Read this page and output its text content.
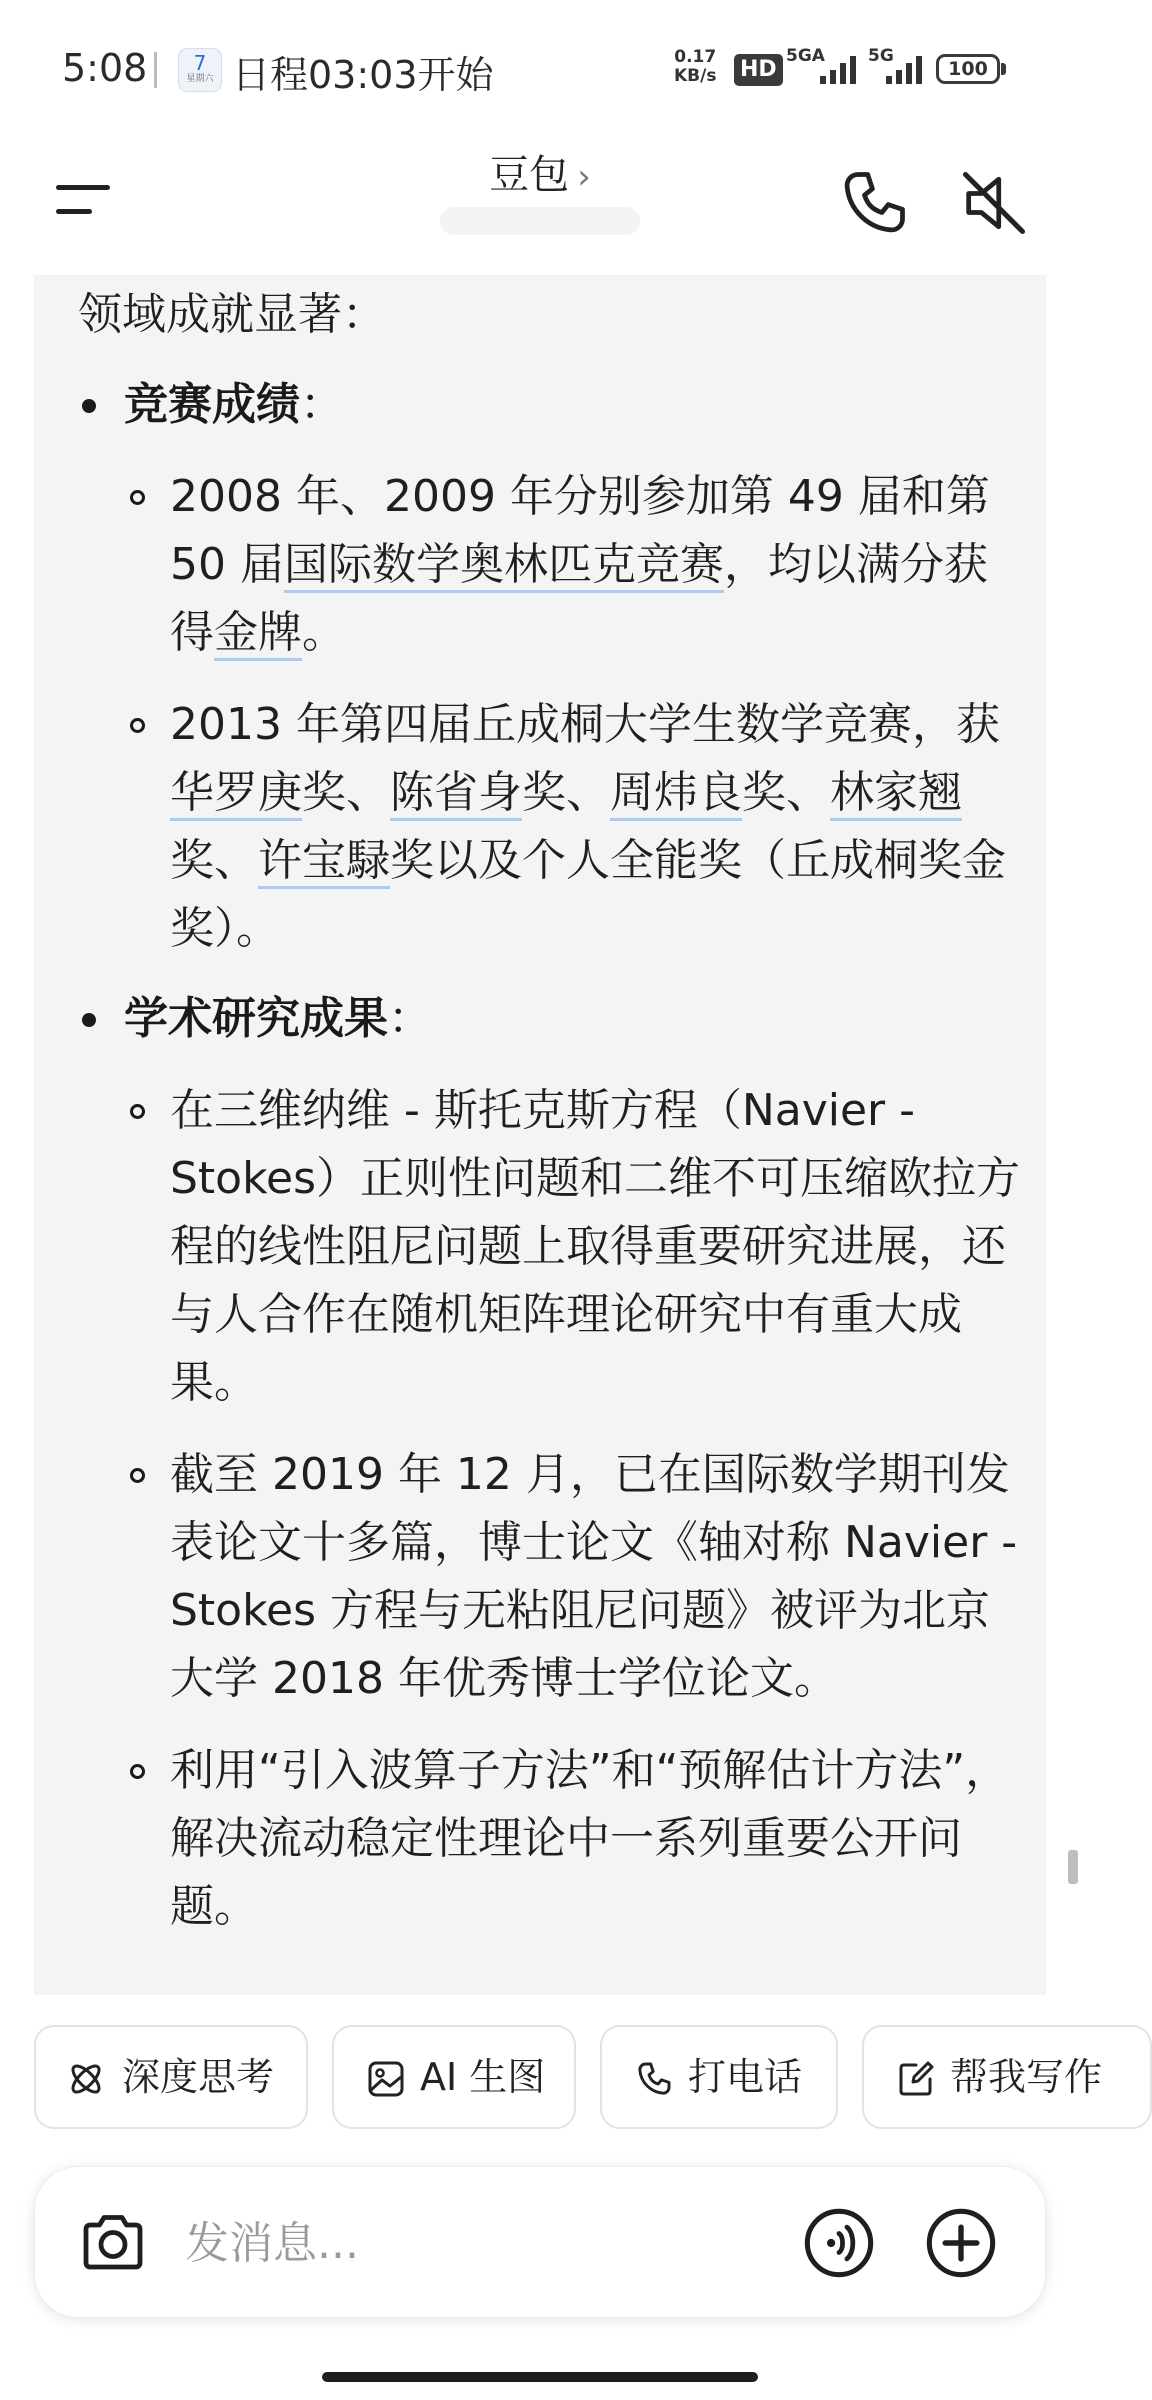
5:08	7
星期六 日程03:03开始	0.17
KB/s HD
5GA	5G
100
豆包 ›
领域成就显著：
竞赛成绩：
2008 年、2009 年分别参加第 49 届和第 50 届国际数学奥林匹克竞赛，均以满分获得金牌。
2013 年第四届丘成桐大学生数学竞赛，获华罗庚奖、陈省身奖、周炜良奖、林家翘奖、许宝騄奖以及个人全能奖（丘成桐奖金奖）。
学术研究成果：
在三维纳维 - 斯托克斯方程（Navier - Stokes）正则性问题和二维不可压缩欧拉方程的线性阻尼问题上取得重要研究进展，还与人合作在随机矩阵理论研究中有重大成果。
截至 2019 年 12 月，已在国际数学期刊发表论文十多篇，博士论文《轴对称 Navier - Stokes 方程与无粘阻尼问题》被评为北京大学 2018 年优秀博士学位论文。
利用“引入波算子方法”和“预解估计方法”，解决流动稳定性理论中一系列重要公开问题。
深度思考	AI 生图	打电话	帮我写作
发消息...
